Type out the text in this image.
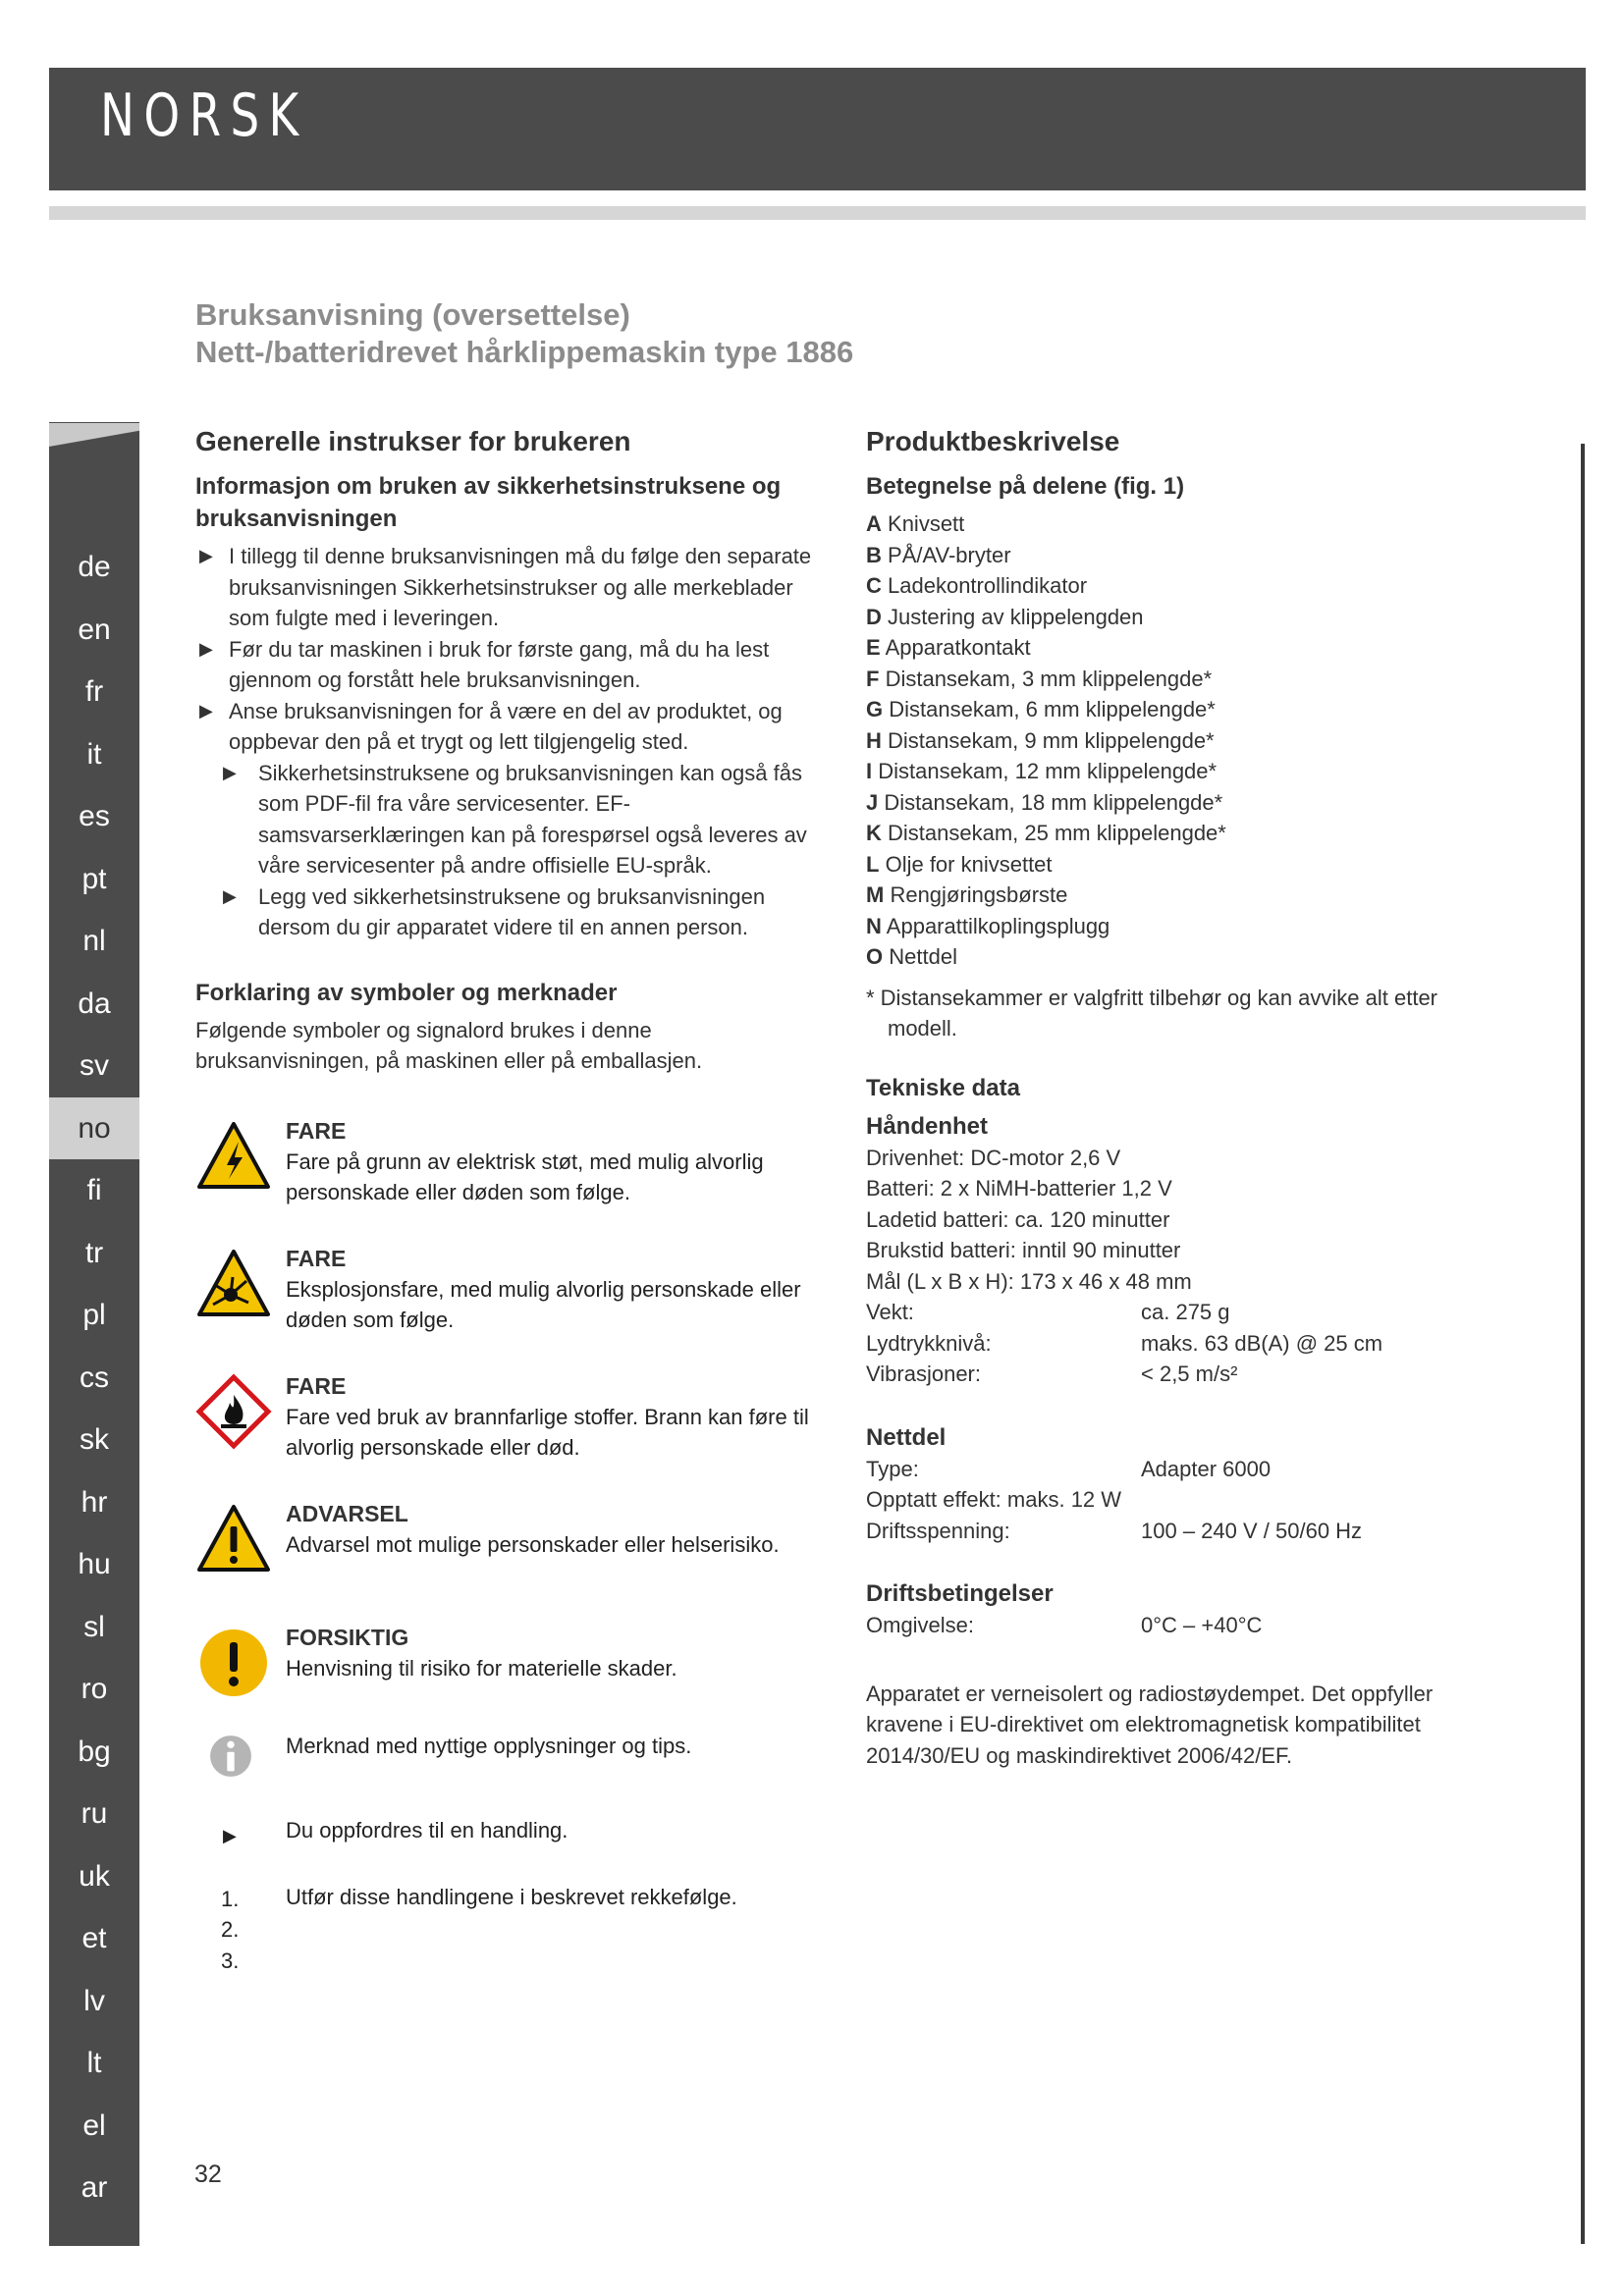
NORSK
Bruksanvisning (oversettelse)
Nett-/batteridrevet hårklippemaskin type 1886
de
en
fr
it
es
pt
nl
da
sv
no
fi
tr
pl
cs
sk
hr
hu
sl
ro
bg
ru
uk
et
lv
lt
el
ar
Generelle instrukser for brukeren
Informasjon om bruken av sikkerhetsinstruksene og bruksanvisningen
▶ I tillegg til denne bruksanvisningen må du følge den separate bruksanvisningen Sikkerhetsinstrukser og alle merkeblader som fulgte med i leveringen.
▶ Før du tar maskinen i bruk for første gang, må du ha lest gjennom og forstått hele bruksanvisningen.
▶ Anse bruksanvisningen for å være en del av produktet, og oppbevar den på et trygt og lett tilgjengelig sted.
▶ Sikkerhetsinstruksene og bruksanvisningen kan også fås som PDF-fil fra våre servicesenter. EF-samsvarserklæringen kan på forespørsel også leveres av våre servicesenter på andre offisielle EU-språk.
▶ Legg ved sikkerhetsinstruksene og bruksanvisningen dersom du gir apparatet videre til en annen person.
Forklaring av symboler og merknader

Følgende symboler og signalord brukes i denne bruksanvisningen, på maskinen eller på emballasjen.

FARE
Fare på grunn av elektrisk støt, med mulig alvorlig personskade eller døden som følge.
FARE
Eksplosjonsfare, med mulig alvorlig personskade eller døden som følge.
FARE
Fare ved bruk av brannfarlige stoffer. Brann kan føre til alvorlig personskade eller død.
ADVARSEL
Advarsel mot mulige personskader eller helserisiko.
FORSIKTIG
Henvisning til risiko for materielle skader.
Merknad med nyttige opplysninger og tips.
▶	Du oppfordres til en handling.
1.
2.
3.
Utfør disse handlingene i beskrevet rekkefølge.
Produktbeskrivelse
Betegnelse på delene (fig. 1)
A Knivsett
B PÅ/AV-bryter
C Ladekontrollindikator
D Justering av klippelengden
E Apparatkontakt
F Distansekam, 3 mm klippelengde*
G Distansekam, 6 mm klippelengde*
H Distansekam, 9 mm klippelengde*
I Distansekam, 12 mm klippelengde*
J Distansekam, 18 mm klippelengde*
K Distansekam, 25 mm klippelengde*
L Olje for knivsettet
M Rengjøringsbørste
N Apparattilkoplingsplugg
O Nettdel

* Distansekammer er valgfritt tilbehør og kan avvike alt etter modell.

Tekniske data
Håndenhet
Drivenhet: DC-motor 2,6 V
Batteri: 2 x NiMH-batterier 1,2 V
Ladetid batteri: ca. 120 minutter
Brukstid batteri: inntil 90 minutter
Mål (L x B x H): 173 x 46 x 48 mm
Vekt:	ca. 275 g
Lydtrykknivå:	maks. 63 dB(A) @ 25 cm
Vibrasjoner:	< 2,5 m/s²
Nettdel
Type:	Adapter 6000
Opptatt effekt: maks. 12 W
Driftsspenning:	100 – 240 V / 50/60 Hz
Driftsbetingelser
Omgivelse:	0°C – +40°C

Apparatet er verneisolert og radiostøydempet. Det oppfyller kravene i EU-direktivet om elektromagnetisk kompatibilitet 2014/30/EU og maskindirektivet 2006/42/EF.

32
